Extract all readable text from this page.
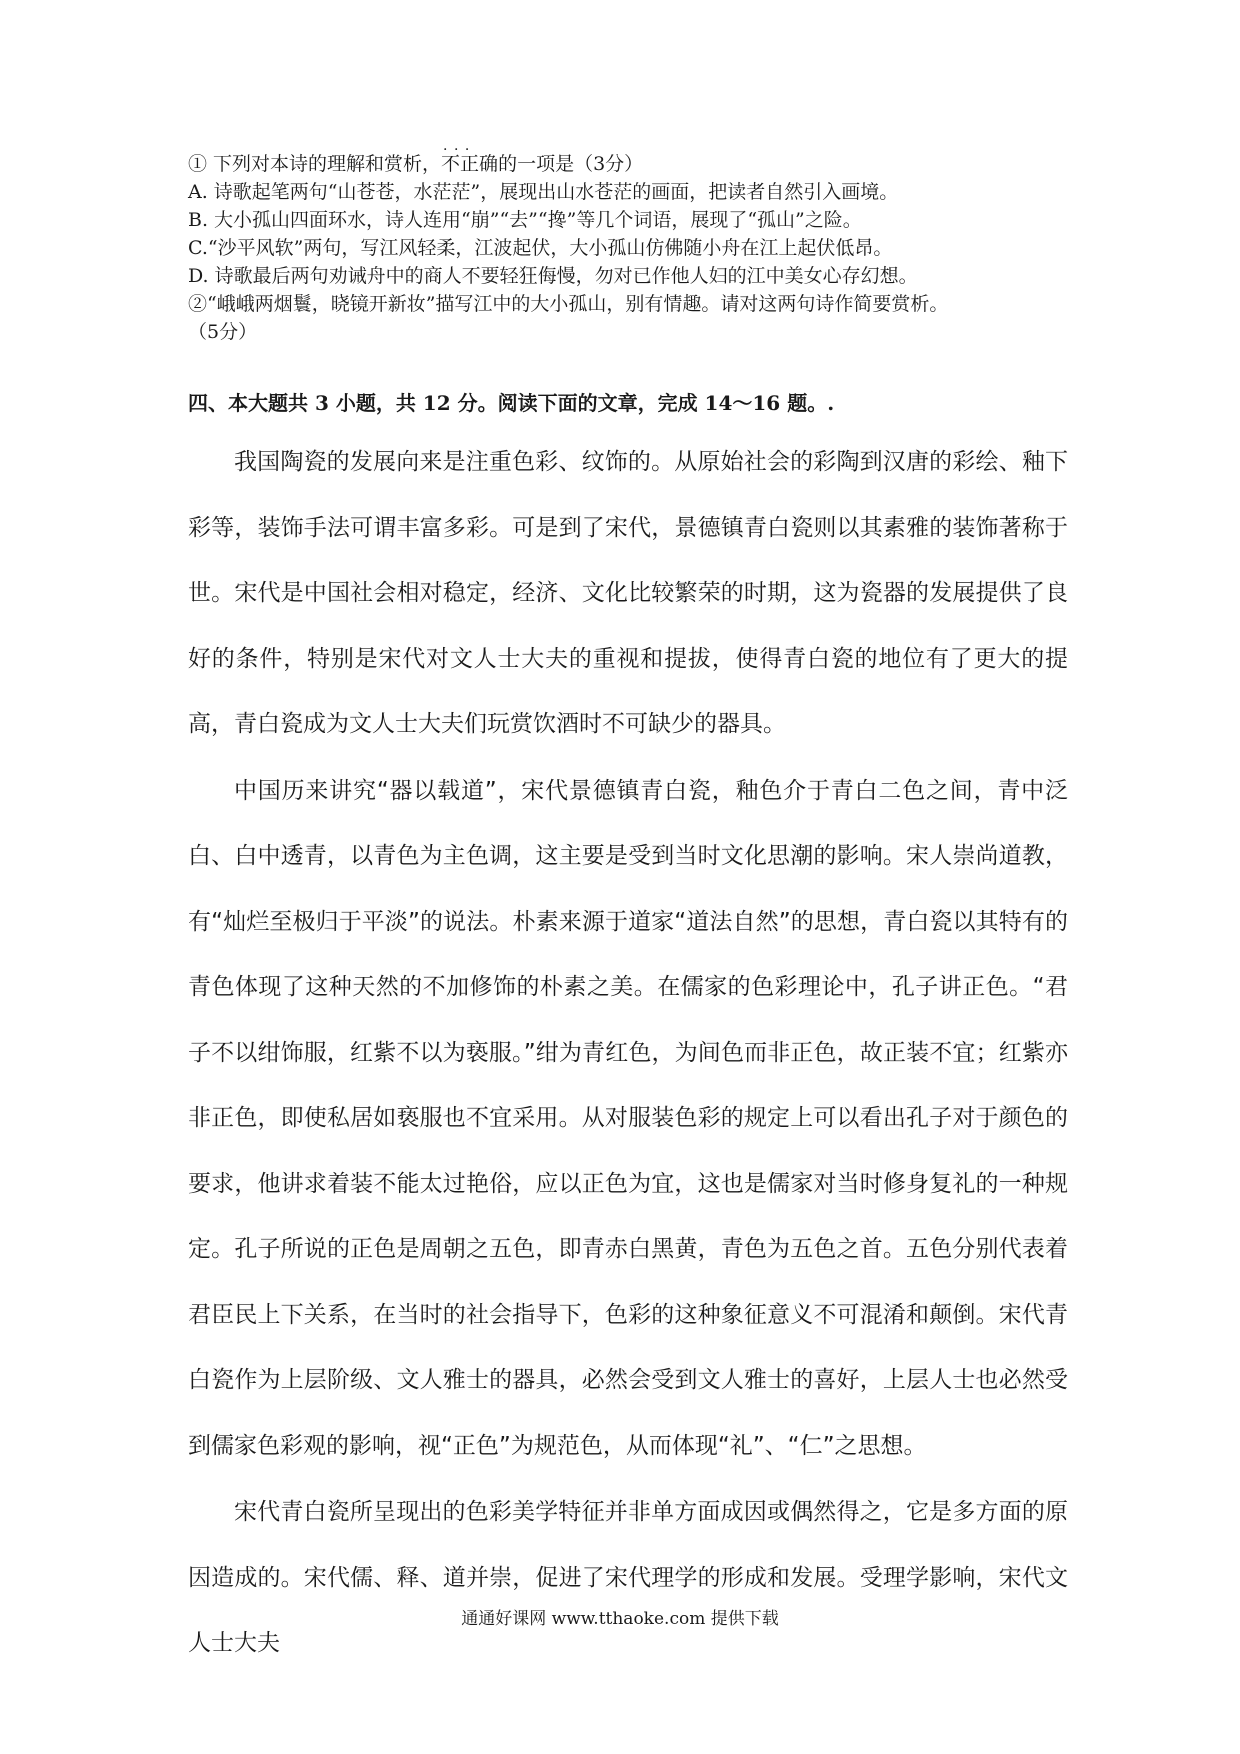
① 下列对本诗的理解和赏析，不正确 · · ·的一项是（3分）

A. 诗歌起笔两句“山苍苍，水茫茫”，展现出山水苍茫的画面，把读者自然引入画境。

B. 大小孤山四面环水，诗人连用“崩”“去”“搀”等几个词语，展现了“孤山”之险。

C.“沙平风软”两句，写江风轻柔，江波起伏，大小孤山仿佛随小舟在江上起伏低昂。

D. 诗歌最后两句劝诫舟中的商人不要轻狂侮慢，勿对已作他人妇的江中美女心存幻想。

②“峨峨两烟鬟，晓镜开新妆”描写江中的大小孤山，别有情趣。请对这两句诗作简要赏析。

（5分）

四、本大题共 3 小题，共 12 分。阅读下面的文章，完成 14～16 题。.

我国陶瓷的发展向来是注重色彩、纹饰的。从原始社会的彩陶到汉唐的彩绘、釉下彩等，装饰手法可谓丰富多彩。可是到了宋代，景德镇青白瓷则以其素雅的装饰著称于世。宋代是中国社会相对稳定，经济、文化比较繁荣的时期，这为瓷器的发展提供了良好的条件，特别是宋代对文人士大夫的重视和提拔，使得青白瓷的地位有了更大的提高，青白瓷成为文人士大夫们玩赏饮酒时不可缺少的器具。

中国历来讲究“器以载道”，宋代景德镇青白瓷，釉色介于青白二色之间，青中泛白、白中透青，以青色为主色调，这主要是受到当时文化思潮的影响。宋人崇尚道教，有“灿烂至极归于平淡”的说法。朴素来源于道家“道法自然”的思想，青白瓷以其特有的青色体现了这种天然的不加修饰的朴素之美。在儒家的色彩理论中，孔子讲正色。“君子不以绀饰服，红紫不以为亵服。”绀为青红色，为间色而非正色，故正装不宜；红紫亦非正色，即使私居如亵服也不宜采用。从对服装色彩的规定上可以看出孔子对于颜色的要求，他讲求着装不能太过艳俗，应以正色为宜，这也是儒家对当时修身复礼的一种规定。孔子所说的正色是周朝之五色，即青赤白黑黄，青色为五色之首。五色分别代表着君臣民上下关系，在当时的社会指导下，色彩的这种象征意义不可混淆和颠倒。宋代青白瓷作为上层阶级、文人雅士的器具，必然会受到文人雅士的喜好，上层人士也必然受到儒家色彩观的影响，视“正色”为规范色，从而体现“礼”、“仁”之思想。

宋代青白瓷所呈现出的色彩美学特征并非单方面成因或偶然得之，它是多方面的原因造成的。宋代儒、释、道并崇，促进了宋代理学的形成和发展。受理学影响，宋代文人士大夫

通通好课网 www.tthaoke.com 提供下载
